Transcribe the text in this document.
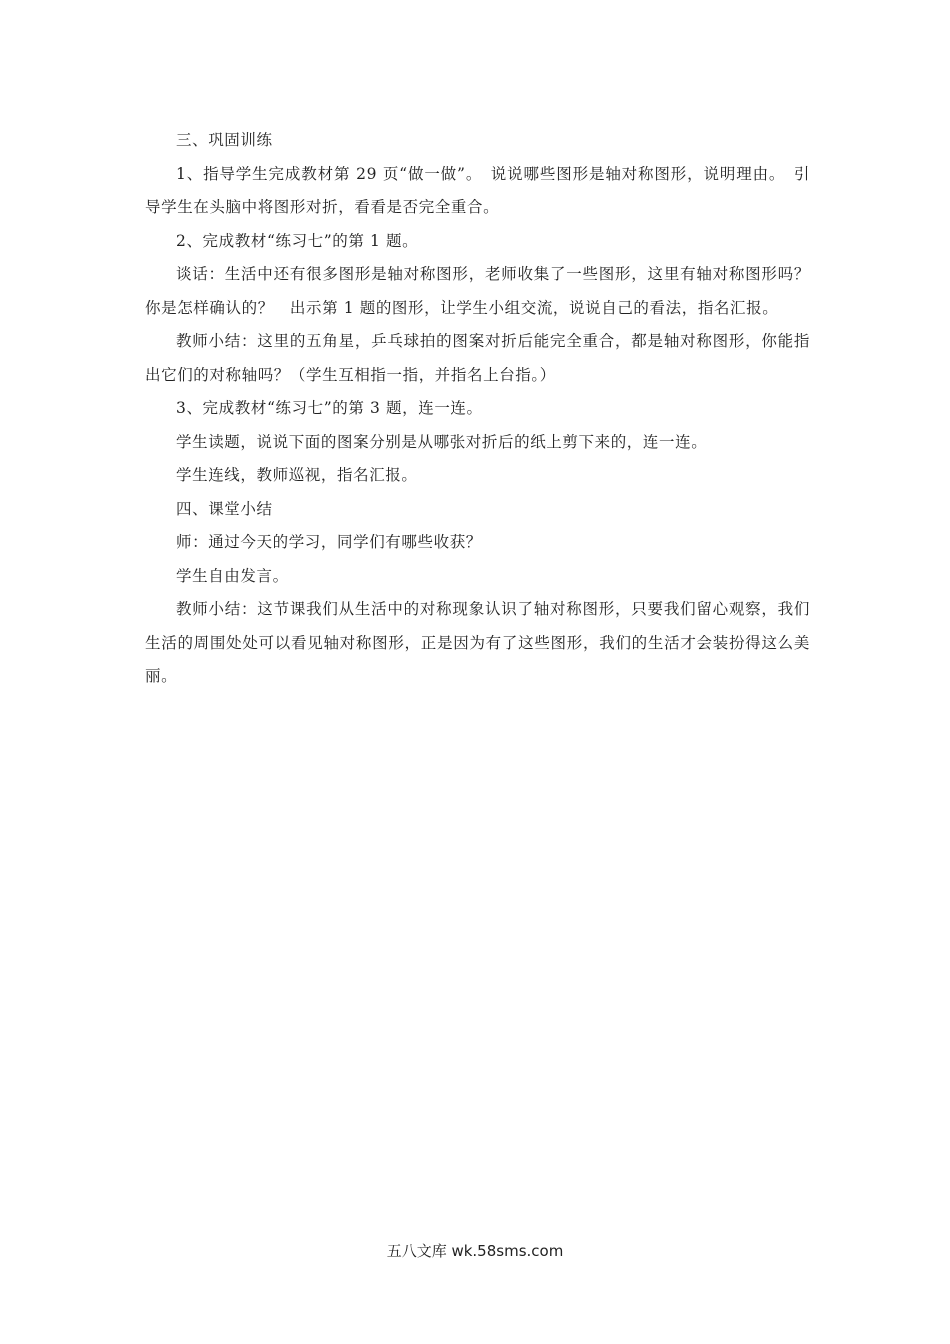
三、巩固训练

1、指导学生完成教材第 29 页“做一做”。　说说哪些图形是轴对称图形，说明理由。　引导学生在头脑中将图形对折，看看是否完全重合。

2、完成教材“练习七”的第 1 题。

谈话：生活中还有很多图形是轴对称图形，老师收集了一些图形，这里有轴对称图形吗？你是怎样确认的？　出示第 1 题的图形，让学生小组交流，说说自己的看法，指名汇报。

教师小结：这里的五角星，乒乓球拍的图案对折后能完全重合，都是轴对称图形，你能指出它们的对称轴吗？（学生互相指一指，并指名上台指。）

3、完成教材“练习七”的第 3 题，连一连。

学生读题，说说下面的图案分别是从哪张对折后的纸上剪下来的，连一连。

学生连线，教师巡视，指名汇报。

四、课堂小结

师：通过今天的学习，同学们有哪些收获？

学生自由发言。

教师小结：这节课我们从生活中的对称现象认识了轴对称图形，只要我们留心观察，我们生活的周围处处可以看见轴对称图形，正是因为有了这些图形，我们的生活才会装扮得这么美丽。

五八文库 wk.58sms.com
